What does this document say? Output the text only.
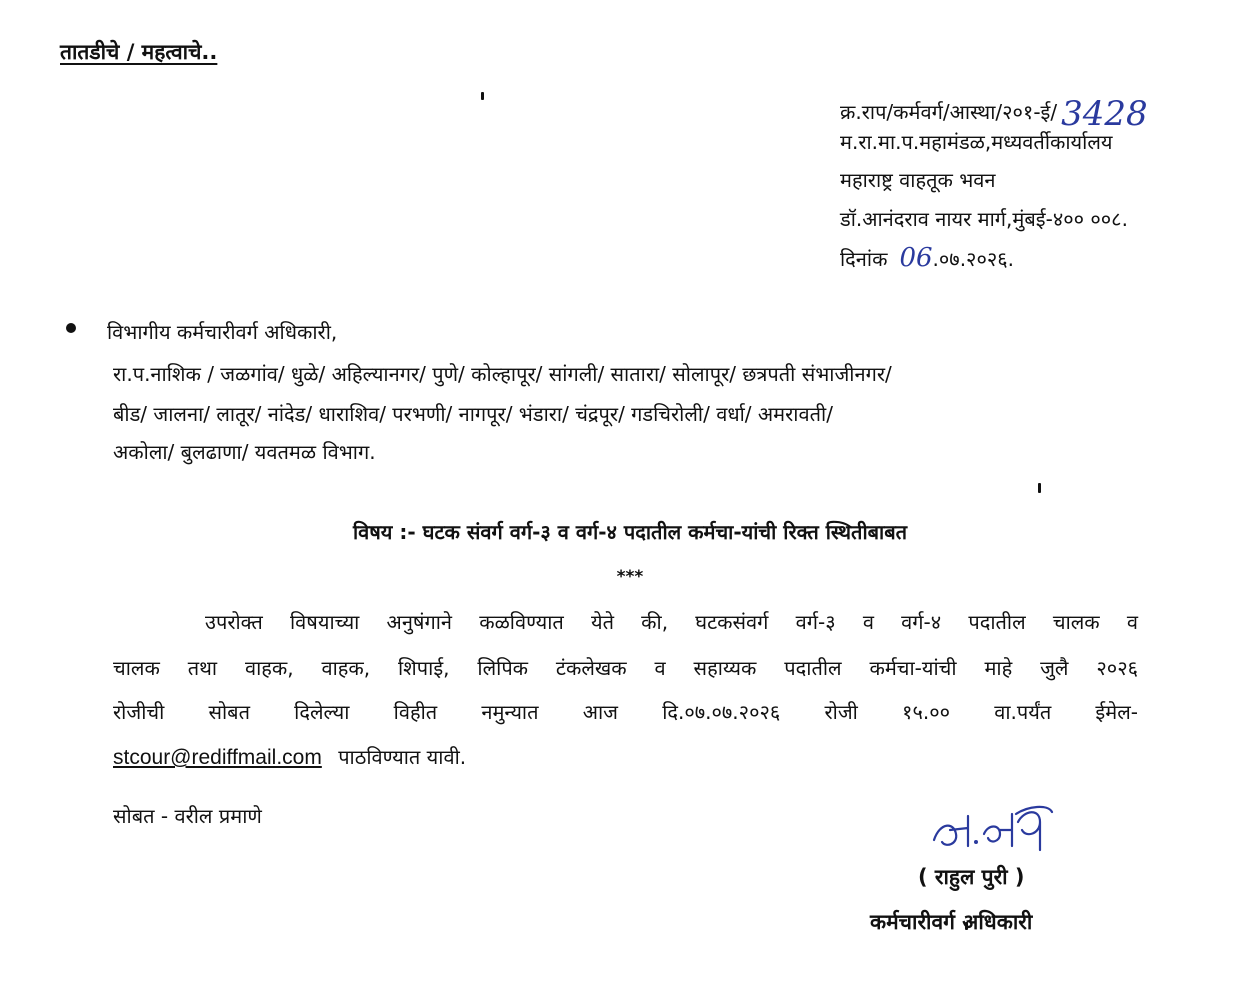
तातडीचे / महत्वाचे..
क्र.राप/कर्मवर्ग/आस्था/२०१-ई/ 3428
म.रा.मा.प.महामंडळ,मध्यवर्तीकार्यालय
महाराष्ट्र वाहतूक भवन
डॉ.आनंदराव नायर मार्ग,मुंबई-४०० ००८.
दिनांक 06.०७.२०२६.
विभागीय कर्मचारीवर्ग अधिकारी,
रा.प.नाशिक / जळगांव/ धुळे/ अहिल्यानगर/ पुणे/ कोल्हापूर/ सांगली/ सातारा/ सोलापूर/ छत्रपती संभाजीनगर/
बीड/ जालना/ लातूर/ नांदेड/ धाराशिव/ परभणी/ नागपूर/ भंडारा/ चंद्रपूर/ गडचिरोली/ वर्धा/ अमरावती/
अकोला/ बुलढाणा/ यवतमळ विभाग.
विषय :- घटक संवर्ग वर्ग-३ व वर्ग-४ पदातील कर्मचा-यांची रिक्त स्थितीबाबत
***
उपरोक्त विषयाच्या अनुषंगाने कळविण्यात येते की, घटकसंवर्ग वर्ग-३ व वर्ग-४ पदातील चालक व
चालक तथा वाहक, वाहक, शिपाई, लिपिक टंकलेखक व सहाय्यक पदातील कर्मचा-यांची माहे जुलै २०२६
रोजीची सोबत दिलेल्या विहीत नमुन्यात आज दि.०७.०७.२०२६ रोजी १५.०० वा.पर्यंत ईमेल-
stcour@rediffmail.com पाठविण्यात यावी.
सोबत - वरील प्रमाणे
( राहुल पुरी )
कर्मचारीवर्ग अधिकारी
